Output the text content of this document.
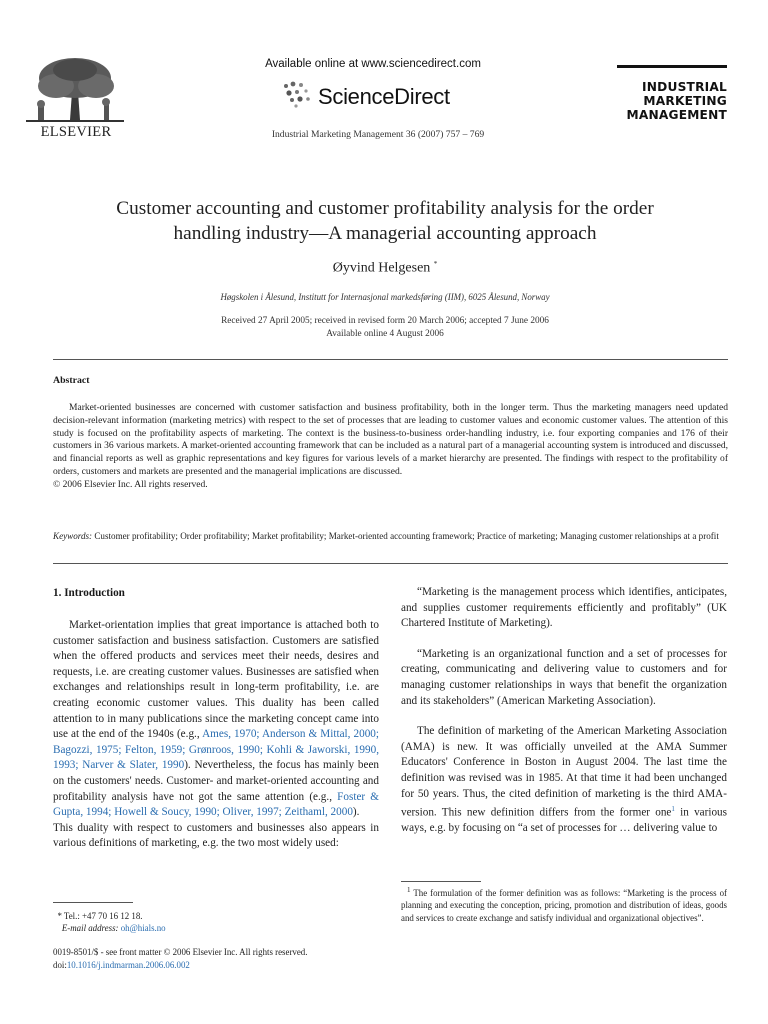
ELSEVIER
Available online at www.sciencedirect.com
ScienceDirect
Industrial Marketing Management 36 (2007) 757 – 769
INDUSTRIAL
MARKETING
MANAGEMENT
Customer accounting and customer profitability analysis for the order
handling industry—A managerial accounting approach
Øyvind Helgesen *
Høgskolen i Ålesund, Institutt for Internasjonal markedsføring (IIM), 6025 Ålesund, Norway
Received 27 April 2005; received in revised form 20 March 2006; accepted 7 June 2006
Available online 4 August 2006
Abstract

Market-oriented businesses are concerned with customer satisfaction and business profitability, both in the longer term. Thus the marketing managers need updated decision-relevant information (marketing metrics) with respect to the set of processes that are leading to customer values and economic customer values. The attention of this study is focused on the profitability aspects of marketing. The context is the business-to-business order-handling industry, i.e. four exporting companies and 176 of their customers in 36 various markets. A market-oriented accounting framework that can be included as a natural part of a managerial accounting system is introduced and discussed, and financial reports as well as graphic representations and key figures for various levels of a market hierarchy are presented. The findings with respect to the profitability of orders, customers and markets are presented and the managerial implications are discussed.

© 2006 Elsevier Inc. All rights reserved.

Keywords: Customer profitability; Order profitability; Market profitability; Market-oriented accounting framework; Practice of marketing; Managing customer relationships at a profit
1. Introduction

Market-orientation implies that great importance is attached both to customer satisfaction and business satisfaction. Customers are satisfied when the offered products and services meet their needs, desires and requests, i.e. are creating customer values. Businesses are satisfied when exchanges and relationships result in long-term profitability, i.e. are creating economic customer values. This duality has been called attention to in many publications since the marketing concept came into use at the end of the 1940s (e.g., Ames, 1970; Anderson & Mittal, 2000; Bagozzi, 1975; Felton, 1959; Grønroos, 1990; Kohli & Jaworski, 1990, 1993; Narver & Slater, 1990). Nevertheless, the focus has mainly been on the customers' needs. Customer- and market-oriented accounting and profitability analysis have not got the same attention (e.g., Foster & Gupta, 1994; Howell & Soucy, 1990; Oliver, 1997; Zeithaml, 2000).

This duality with respect to customers and businesses also appears in various definitions of marketing, e.g. the two most widely used:

* Tel.: +47 70 16 12 18.
E-mail address: oh@hials.no
0019-8501/$ - see front matter © 2006 Elsevier Inc. All rights reserved.
doi:10.1016/j.indmarman.2006.06.002

“Marketing is the management process which identifies, anticipates, and supplies customer requirements efficiently and profitably” (UK Chartered Institute of Marketing).

“Marketing is an organizational function and a set of processes for creating, communicating and delivering value to customers and for managing customer relationships in ways that benefit the organization and its stakeholders” (American Marketing Association).

The definition of marketing of the American Marketing Association (AMA) is new. It was officially unveiled at the AMA Summer Educators' Conference in Boston in August 2004. The last time the definition was revised was in 1985. At that time it had been unchanged for 50 years. Thus, the cited definition of marketing is the third AMA-version. This new definition differs from the former one$^1$ in various ways, e.g. by focusing on “a set of processes for … delivering value to

$^1$ The formulation of the former definition was as follows: “Marketing is the process of planning and executing the conception, pricing, promotion and distribution of ideas, goods and services to create exchange and satisfy individual and organizational objectives”.
